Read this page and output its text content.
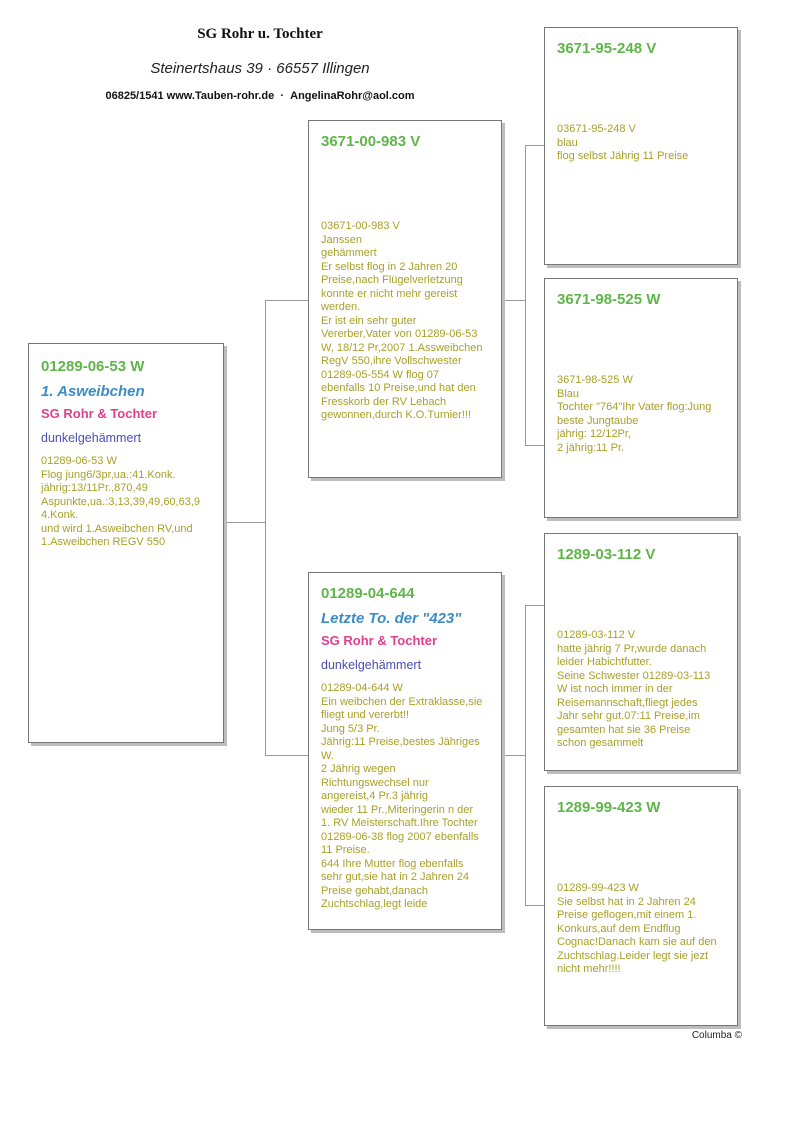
SG Rohr u. Tochter
Steinertshaus 39 · 66557 Illingen
06825/1541 www.Tauben-rohr.de · AngelinaRohr@aol.com
01289-06-53 W
1. Asweibchen
SG Rohr & Tochter
dunkelgehämmert
01289-06-53 W
Flog jung6/3pr,ua.:41.Konk.
jährig:13/11Pr.,870,49
Aspunkte,ua.:3,13,39,49,60,63,9
4.Konk.
und wird 1.Asweibchen RV,und
1.Asweibchen REGV 550
3671-00-983 V
03671-00-983 V
Janssen
gehämmert
Er selbst flog in 2 Jahren 20
Preise,nach Flügelverletzung
konnte er nicht mehr gereist
werden.
Er ist ein sehr guter
Vererber,Vater von 01289-06-53
W, 18/12 Pr,2007 1.Assweibchen
RegV 550,ihre Vollschwester
01289-05-554 W flog 07
ebenfalls 10 Preise,und hat den
Fresskorb der RV Lebach
gewonnen,durch K.O.Turnier!!!
01289-04-644
Letzte To. der "423"
SG Rohr & Tochter
dunkelgehämmert
01289-04-644 W
Ein weibchen der Extraklasse,sie
fliegt und vererbt!!
Jung 5/3 Pr.
Jährig:11 Preise,bestes Jähriges
W.
2 Jährig wegen
Richtungswechsel nur
angereist,4 Pr.3 jährig
wieder 11 Pr.,Miteringerin n der
1. RV Meisterschaft.Ihre Tochter
01289-06-38 flog 2007 ebenfalls
11 Preise.
644 Ihre Mutter flog ebenfalls
sehr gut,sie hat in 2 Jahren 24
Preise gehabt,danach
Zuchtschlag,legt leide
3671-95-248 V
03671-95-248 V
blau
flog selbst Jährig 11 Preise
3671-98-525 W
3671-98-525 W
Blau
Tochter "764"Ihr Vater flog:Jung
beste Jungtaube
jährig: 12/12Pr,
2 jährig:11 Pr.
1289-03-112 V
01289-03-112 V
hatte jährig 7 Pr,wurde danach
leider Habichtfutter.
Seine Schwester 01289-03-113
W ist noch immer in der
Reisemannschaft,fliegt jedes
Jahr sehr gut.07:11 Preise,im
gesamten hat sie 36 Preise
schon gesammelt
1289-99-423 W
01289-99-423 W
Sie selbst hat in 2 Jahren 24
Preise geflogen,mit einem 1.
Konkurs,auf dem Endflug
Cognac!Danach kam sie auf den
Zuchtschlag.Leider legt sie jezt
nicht mehr!!!!
Columba ©
